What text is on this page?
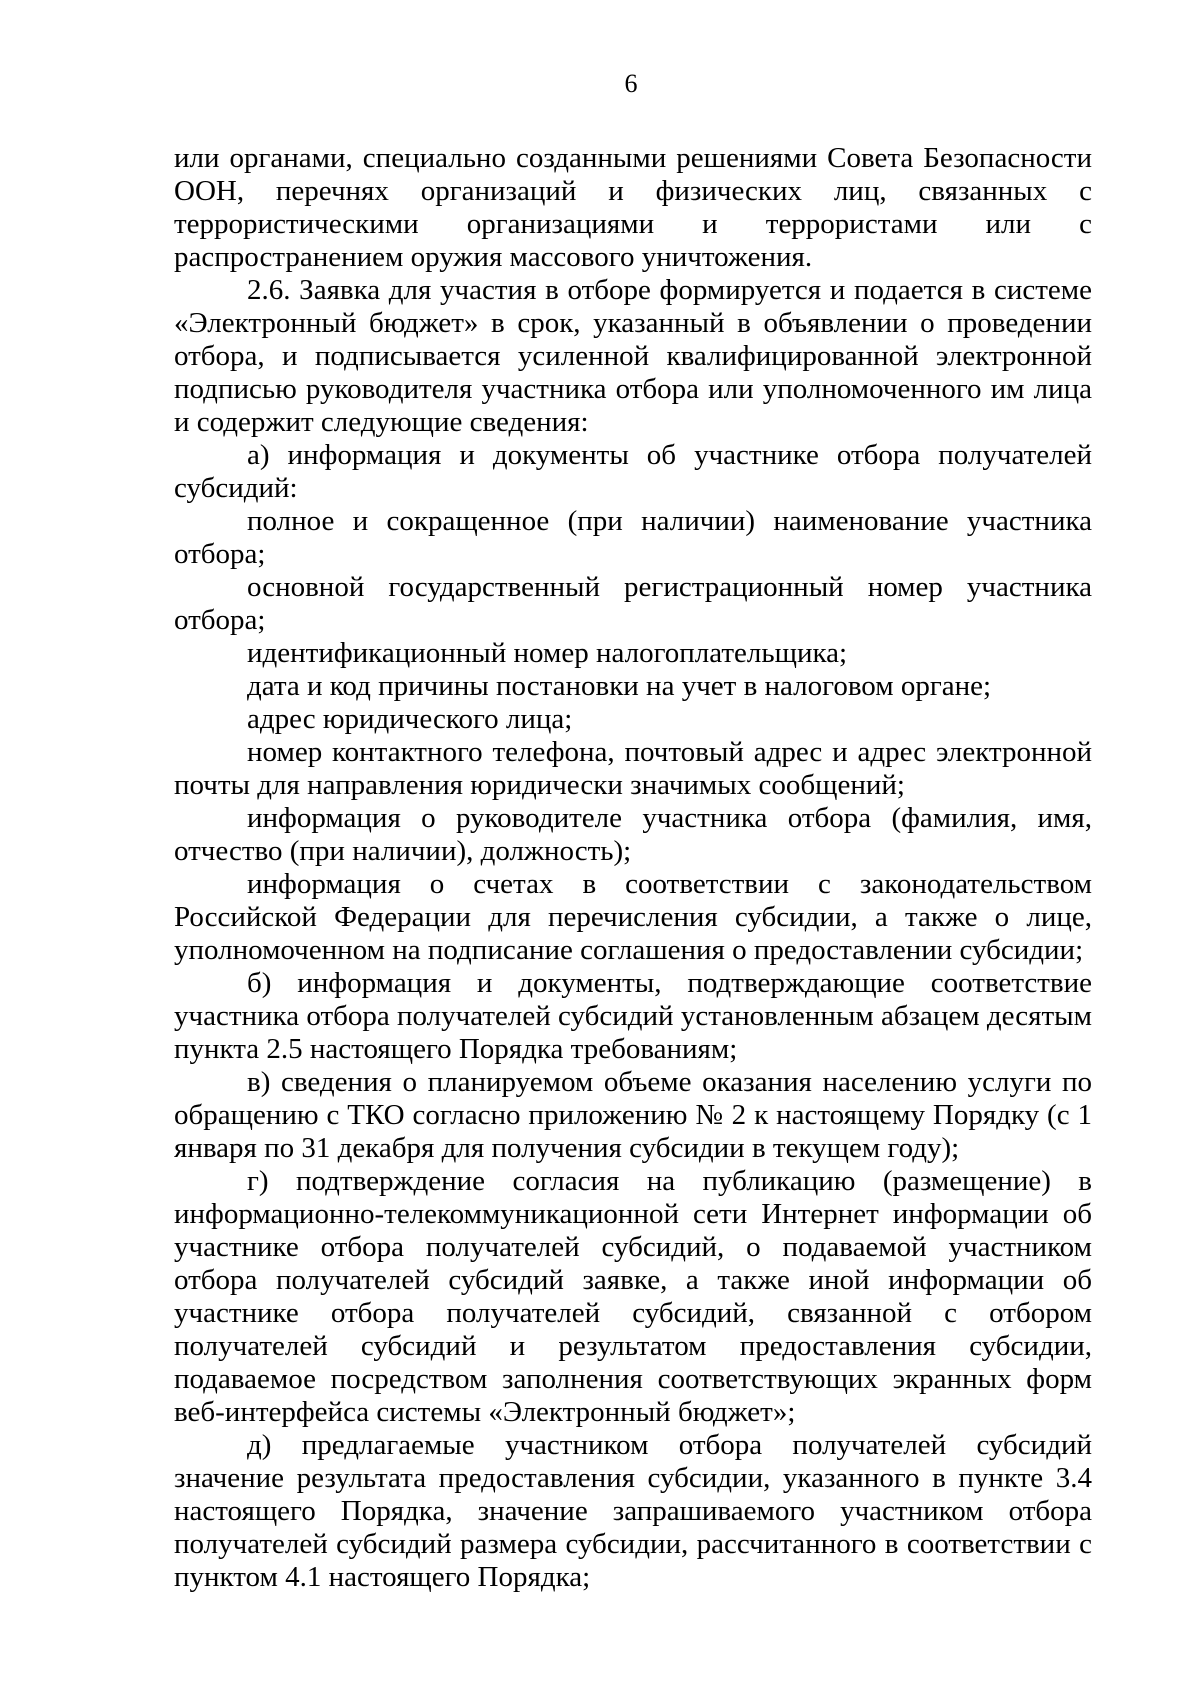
6

или органами, специально созданными решениями Совета Безопасности ООН, перечнях организаций и физических лиц, связанных с террористическими организациями и террористами или с распространением оружия массового уничтожения.

2.6. Заявка для участия в отборе формируется и подается в системе «Электронный бюджет» в срок, указанный в объявлении о проведении отбора, и подписывается усиленной квалифицированной электронной подписью руководителя участника отбора или уполномоченного им лица и содержит следующие сведения:

а) информация и документы об участнике отбора получателей субсидий:

полное и сокращенное (при наличии) наименование участника отбора;

основной государственный регистрационный номер участника отбора;

идентификационный номер налогоплательщика;

дата и код причины постановки на учет в налоговом органе;

адрес юридического лица;

номер контактного телефона, почтовый адрес и адрес электронной почты для направления юридически значимых сообщений;

информация о руководителе участника отбора (фамилия, имя, отчество (при наличии), должность);

информация о счетах в соответствии с законодательством Российской Федерации для перечисления субсидии, а также о лице, уполномоченном на подписание соглашения о предоставлении субсидии;

б) информация и документы, подтверждающие соответствие участника отбора получателей субсидий установленным абзацем десятым пункта 2.5 настоящего Порядка требованиям;

в) сведения о планируемом объеме оказания населению услуги по обращению с ТКО согласно приложению № 2 к настоящему Порядку (с 1 января по 31 декабря для получения субсидии в текущем году);

г) подтверждение согласия на публикацию (размещение) в информационно-телекоммуникационной сети Интернет информации об участнике отбора получателей субсидий, о подаваемой участником отбора получателей субсидий заявке, а также иной информации об участнике отбора получателей субсидий, связанной с отбором получателей субсидий и результатом предоставления субсидии, подаваемое посредством заполнения соответствующих экранных форм веб-интерфейса системы «Электронный бюджет»;

д) предлагаемые участником отбора получателей субсидий значение результата предоставления субсидии, указанного в пункте 3.4 настоящего Порядка, значение запрашиваемого участником отбора получателей субсидий размера субсидии, рассчитанного в соответствии с пунктом 4.1 настоящего Порядка;
